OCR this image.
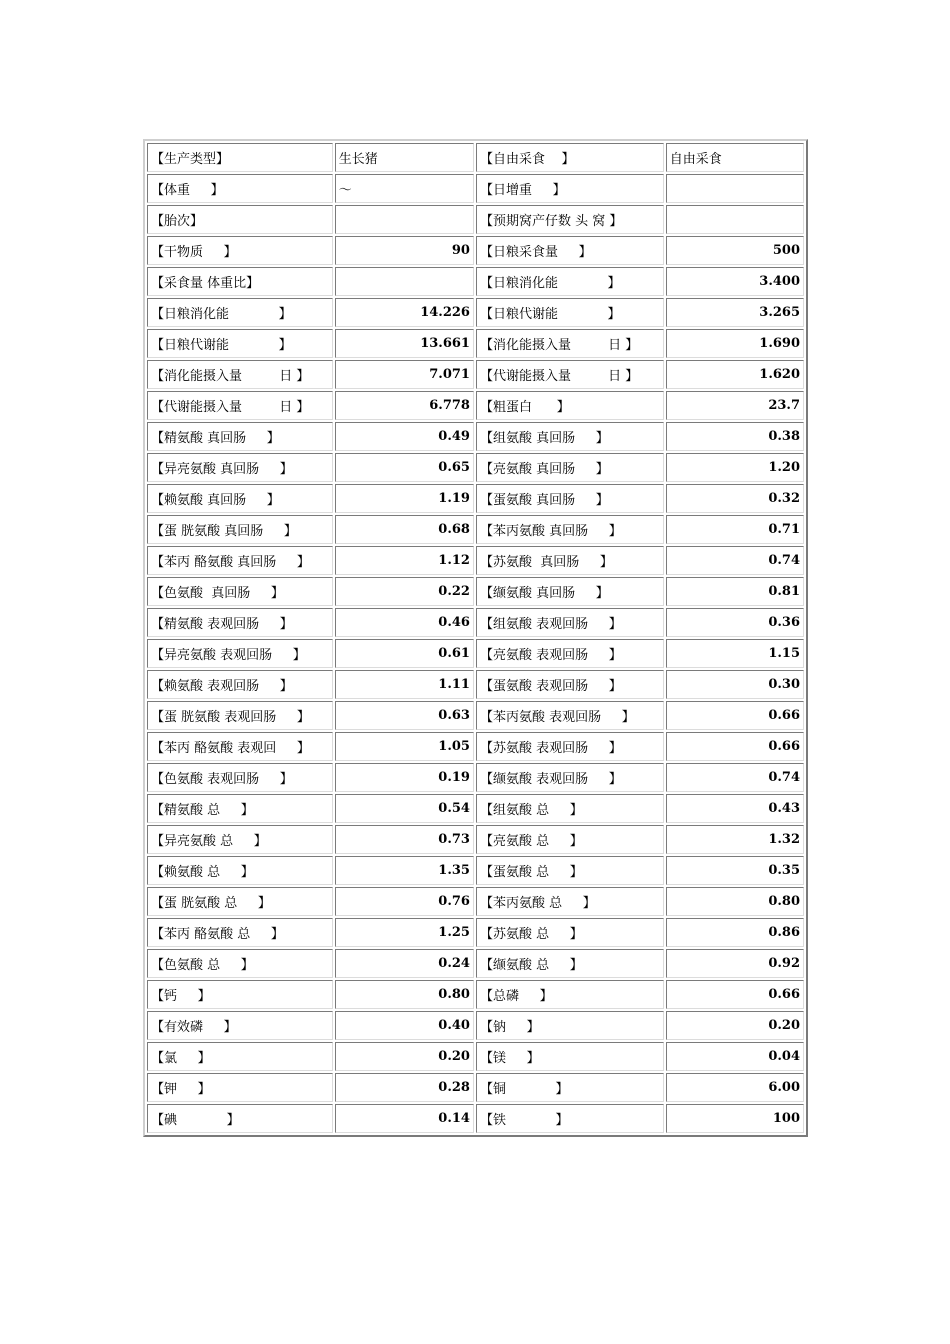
【生产类型】	生长猪	【自由采食    】	自由采食
【体重     】	～	【日增重     】	
【胎次】		【预期窝产仔数 头 窝 】	
【干物质     】	90	【日粮采食量     】	500
【采食量 体重比】		【日粮消化能            】	3.400
【日粮消化能            】	14.226	【日粮代谢能            】	3.265
【日粮代谢能            】	13.661	【消化能摄入量         日 】	1.690
【消化能摄入量         日 】	7.071	【代谢能摄入量         日 】	1.620
【代谢能摄入量         日 】	6.778	【粗蛋白      】	23.7
【精氨酸 真回肠     】	0.49	【组氨酸 真回肠     】	0.38
【异亮氨酸 真回肠     】	0.65	【亮氨酸 真回肠     】	1.20
【赖氨酸 真回肠     】	1.19	【蛋氨酸 真回肠     】	0.32
【蛋 胱氨酸 真回肠     】	0.68	【苯丙氨酸 真回肠     】	0.71
【苯丙 酪氨酸 真回肠     】	1.12	【苏氨酸  真回肠     】	0.74
【色氨酸  真回肠     】	0.22	【缬氨酸 真回肠     】	0.81
【精氨酸 表观回肠     】	0.46	【组氨酸 表观回肠     】	0.36
【异亮氨酸 表观回肠     】	0.61	【亮氨酸 表观回肠     】	1.15
【赖氨酸 表观回肠     】	1.11	【蛋氨酸 表观回肠     】	0.30
【蛋 胱氨酸 表观回肠     】	0.63	【苯丙氨酸 表观回肠     】	0.66
【苯丙 酪氨酸 表观回     】	1.05	【苏氨酸 表观回肠     】	0.66
【色氨酸 表观回肠     】	0.19	【缬氨酸 表观回肠     】	0.74
【精氨酸 总     】	0.54	【组氨酸 总     】	0.43
【异亮氨酸 总     】	0.73	【亮氨酸 总     】	1.32
【赖氨酸 总     】	1.35	【蛋氨酸 总     】	0.35
【蛋 胱氨酸 总     】	0.76	【苯丙氨酸 总     】	0.80
【苯丙 酪氨酸 总     】	1.25	【苏氨酸 总     】	0.86
【色氨酸 总     】	0.24	【缬氨酸 总     】	0.92
【钙     】	0.80	【总磷     】	0.66
【有效磷     】	0.40	【钠     】	0.20
【氯     】	0.20	【镁     】	0.04
【钾     】	0.28	【铜            】	6.00
【碘            】	0.14	【铁            】	100
